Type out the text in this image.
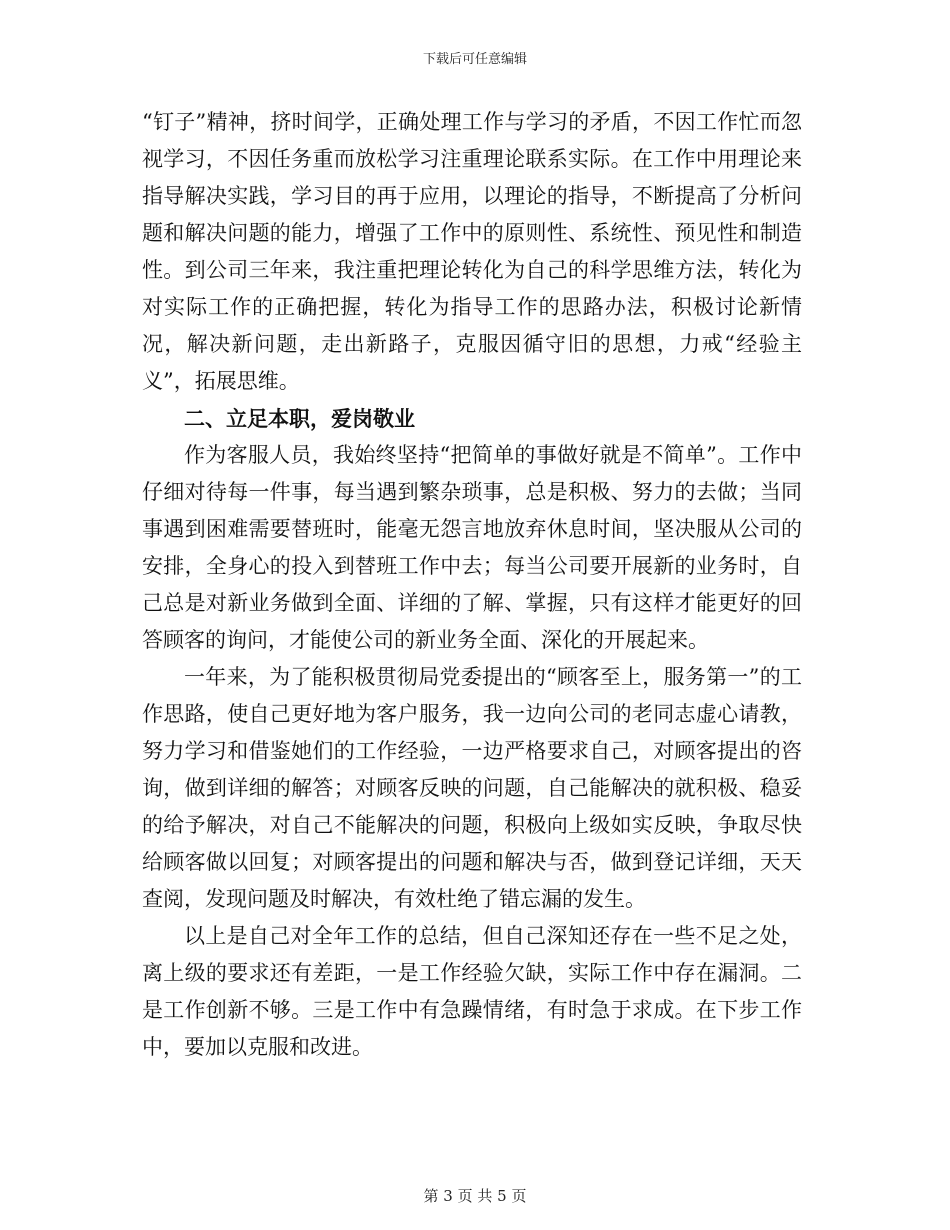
下载后可任意编辑

“钉子”精神，挤时间学，正确处理工作与学习的矛盾，不因工作忙而忽视学习，不因任务重而放松学习注重理论联系实际。在工作中用理论来指导解决实践，学习目的再于应用，以理论的指导，不断提高了分析问题和解决问题的能力，增强了工作中的原则性、系统性、预见性和制造性。到公司三年来，我注重把理论转化为自己的科学思维方法，转化为对实际工作的正确把握，转化为指导工作的思路办法，积极讨论新情况，解决新问题，走出新路子，克服因循守旧的思想，力戒“经验主义”，拓展思维。

二、立足本职，爱岗敬业

作为客服人员，我始终坚持“把简单的事做好就是不简单”。工作中仔细对待每一件事，每当遇到繁杂琐事，总是积极、努力的去做；当同事遇到困难需要替班时，能毫无怨言地放弃休息时间，坚决服从公司的安排，全身心的投入到替班工作中去；每当公司要开展新的业务时，自己总是对新业务做到全面、详细的了解、掌握，只有这样才能更好的回答顾客的询问，才能使公司的新业务全面、深化的开展起来。

一年来，为了能积极贯彻局党委提出的“顾客至上，服务第一”的工作思路，使自己更好地为客户服务，我一边向公司的老同志虚心请教，努力学习和借鉴她们的工作经验，一边严格要求自己，对顾客提出的咨询，做到详细的解答；对顾客反映的问题，自己能解决的就积极、稳妥的给予解决，对自己不能解决的问题，积极向上级如实反映，争取尽快给顾客做以回复；对顾客提出的问题和解决与否，做到登记详细，天天查阅，发现问题及时解决，有效杜绝了错忘漏的发生。

以上是自己对全年工作的总结，但自己深知还存在一些不足之处，离上级的要求还有差距，一是工作经验欠缺，实际工作中存在漏洞。二是工作创新不够。三是工作中有急躁情绪，有时急于求成。在下步工作中，要加以克服和改进。

第 3 页 共 5 页
